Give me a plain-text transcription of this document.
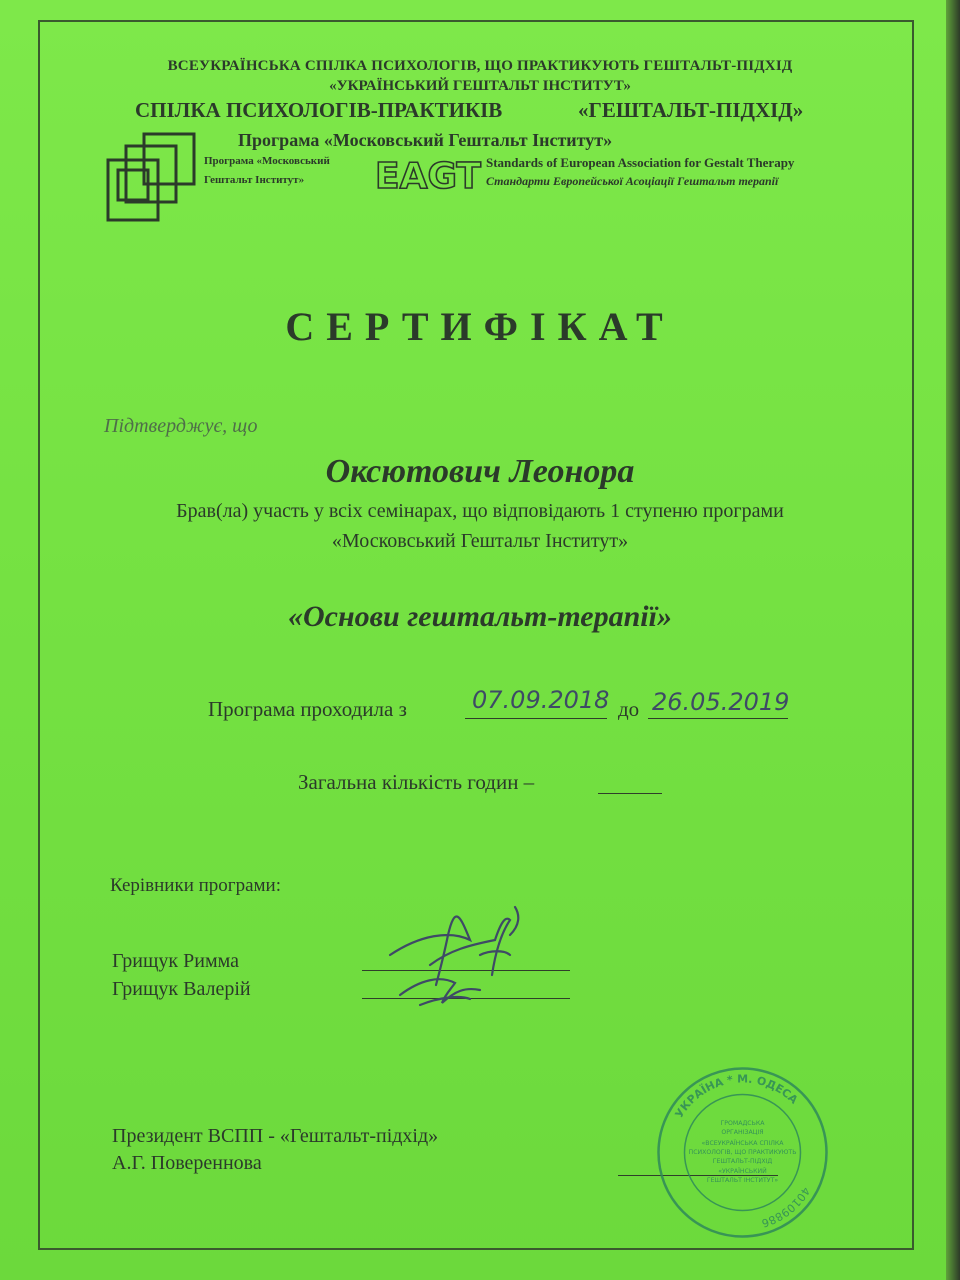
ВСЕУКРАЇНСЬКА СПІЛКА ПСИХОЛОГІВ, ЩО ПРАКТИКУЮТЬ ГЕШТАЛЬТ-ПІДХІД
«УКРАЇНСЬКИЙ ГЕШТАЛЬТ ІНСТИТУТ»
СПІЛКА ПСИХОЛОГІВ-ПРАКТИКІВ	«ГЕШТАЛЬТ-ПІДХІД»
Програма «Московський Гештальт Інститут»
Програма «Московський
Гештальт Інститут» EAGT Standards of European Association for Gestalt Therapy
Стандарти Европейської Асоціації Гештальт терапії
СЕРТИФІКАТ
Підтверджує, що
Оксютович Леонора
Брав(ла) участь у всіх семінарах, що відповідають 1 ступеню програми
«Московський Гештальт Інститут»
«Основи гештальт-терапії»
Програма проходила з	07.09.2018 до 26.05.2019
Загальна кількість годин –
Керівники програми:
Грищук Римма
Грищук Валерій
Президент ВСПП - «Гештальт-підхід»
А.Г. Повереннова
УКРАЇНА * М. ОДЕСА
40109886
ГРОМАДСЬКА
ОРГАНІЗАЦІЯ
«ВСЕУКРАЇНСЬКА СПІЛКА
ПСИХОЛОГІВ, ЩО ПРАКТИКУЮТЬ
ГЕШТАЛЬТ-ПІДХІД
«УКРАЇНСЬКИЙ
ГЕШТАЛЬТ ІНСТИТУТ»
